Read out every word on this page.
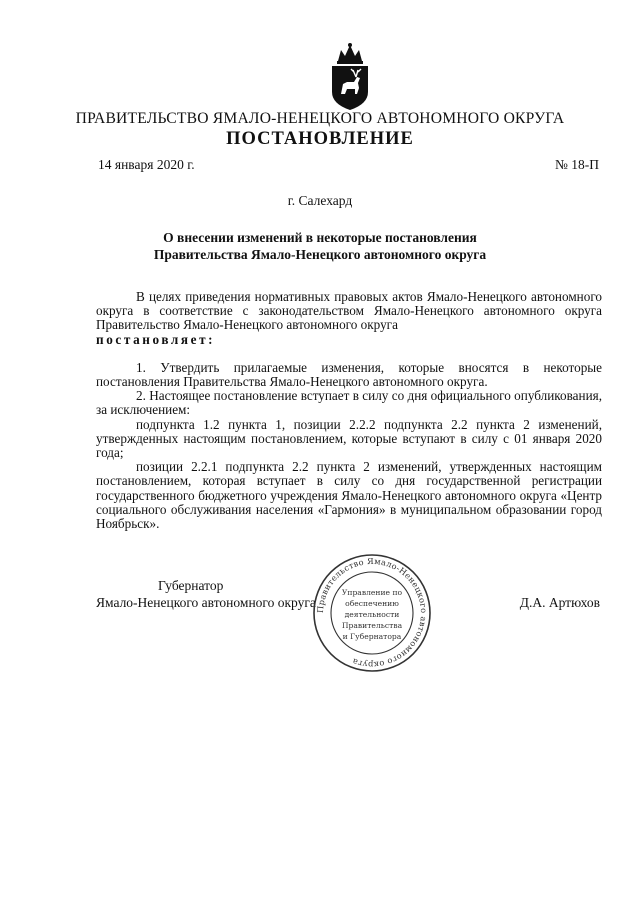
ПРАВИТЕЛЬСТВО ЯМАЛО-НЕНЕЦКОГО АВТОНОМНОГО ОКРУГА
ПОСТАНОВЛЕНИЕ
14 января 2020 г.	№ 18-П
г. Салехард
О внесении изменений в некоторые постановления
Правительства Ямало-Ненецкого автономного округа

В целях приведения нормативных правовых актов Ямало-Ненецкого автономного округа в соответствие с законодательством Ямало-Ненецкого автономного округа Правительство Ямало-Ненецкого автономного округа

постановляет:

1. Утвердить прилагаемые изменения, которые вносятся в некоторые постановления Правительства Ямало-Ненецкого автономного округа.

2. Настоящее постановление вступает в силу со дня официального опубликования, за исключением:

подпункта 1.2 пункта 1, позиции 2.2.2 подпункта 2.2 пункта 2 изменений, утвержденных настоящим постановлением, которые вступают в силу с 01 января 2020 года;

позиции 2.2.1 подпункта 2.2 пункта 2 изменений, утвержденных настоящим постановлением, которая вступает в силу со дня государственной регистрации государственного бюджетного учреждения Ямало-Ненецкого автономного округа «Центр социального обслуживания населения «Гармония» в муниципальном образовании город Ноябрьск».

Губернатор
Ямало-Ненецкого автономного округа	Д.А. Артюхов
Правительство Ямало-Ненецкого автономного округа
Управление по
обеспечению
деятельности
Правительства
и Губернатора
